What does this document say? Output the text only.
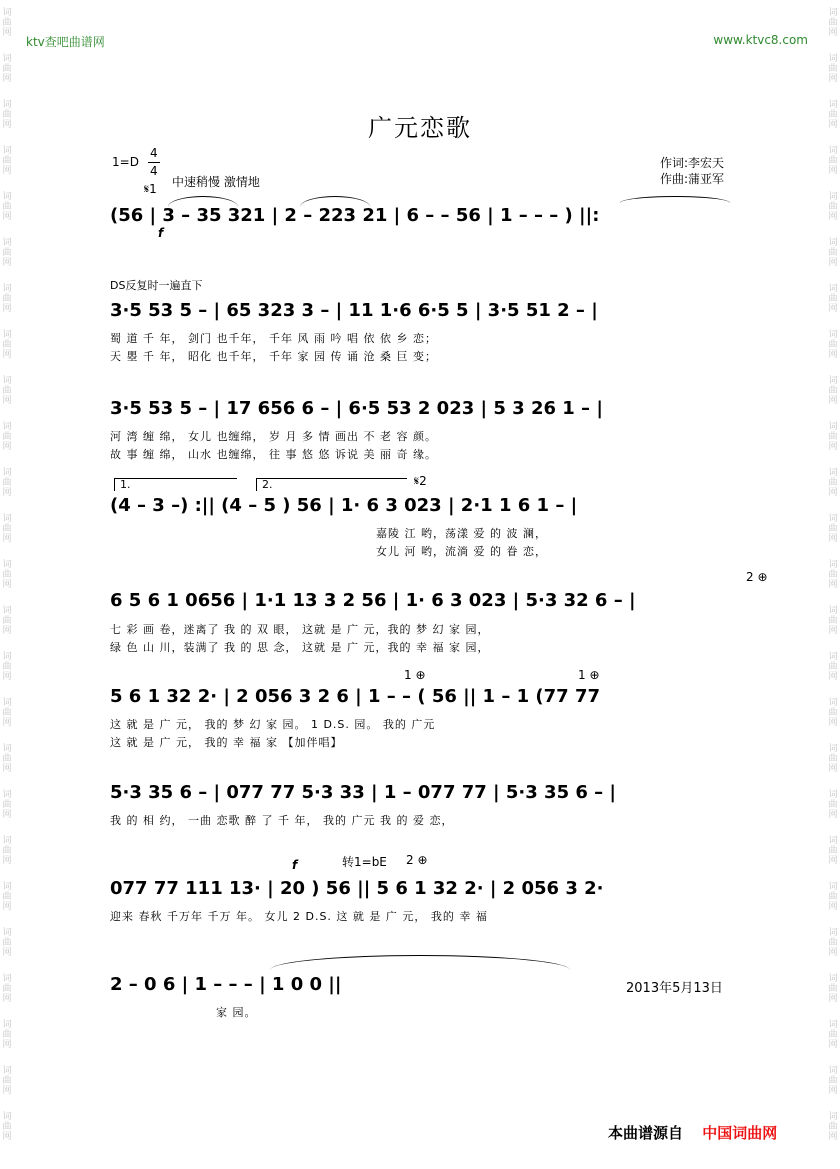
词
曲
网
词
曲
网
词
曲
网
词
曲
网
词
曲
网
词
曲
网
词
曲
网
词
曲
网
词
曲
网
词
曲
网
词
曲
网
词
曲
网
词
曲
网
词
曲
网
词
曲
网
词
曲
网
词
曲
网
词
曲
网
词
曲
网
词
曲
网
词
曲
网
词
曲
网
词
曲
网
词
曲
网
词
曲
网
词
曲
网
词
曲
网
词
曲
网
词
曲
网
词
曲
网
词
曲
网
词
曲
网
词
曲
网
词
曲
网
词
曲
网
词
曲
网
词
曲
网
词
曲
网
词
曲
网
词
曲
网
词
曲
网
词
曲
网
词
曲
网
词
曲
网
词
曲
网
词
曲
网
词
曲
网
词
曲
网
词
曲
网
词
曲
网
ktv查吧曲谱网	www.ktvc8.com
广元恋歌
1=D
4
4
中速稍慢 激情地
作词:李宏天
作曲:蒲亚军
𝄋1
f
(56 | 3 – 35 321 | 2 – 223 21 | 6 – – 56 | 1 – – – ) ||:
DS反复时一遍直下
3·5 53 5 – | 65 323 3 – | 11 1·6 6·5 5 | 3·5 51 2 – |
蜀 道 千 年， 剑门 也千年， 千年 风 雨 吟 唱 依 依 乡 恋；
天 瞾 千 年， 昭化 也千年， 千年 家 园 传 诵 沧 桑 巨 变；
3·5 53 5 – | 17 656 6 – | 6·5 53 2 023 | 5 3 26 1 – |
河 湾 缠 绵， 女儿 也缠绵， 岁 月 多 情 画出 不 老 容 颜。
故 事 缠 绵， 山水 也缠绵， 往 事 悠 悠 诉说 美 丽 奇 缘。
1.	2.	𝄋2
(4 – 3 –) :|| (4 – 5 ) 56 | 1· 6 3 023 | 2·1 1 6 1 – |
嘉陵 江 哟，荡漾 爱 的 波 澜，
女儿 河 哟，流淌 爱 的 眷 恋，
2 ⊕
6 5 6 1 0656 | 1·1 13 3 2 56 | 1· 6 3 023 | 5·3 32 6 – |
七 彩 画 卷，迷离了 我 的 双 眼， 这就 是 广 元，我的 梦 幻 家 园，
绿 色 山 川，装满了 我 的 思 念， 这就 是 广 元，我的 幸 福 家 园，
1 ⊕	1 ⊕
5 6 1 32 2· | 2 056 3 2 6 | 1 – – ( 56 || 1 – 1 (77 77
这 就 是 广 元， 我的 梦 幻 家 园。 1 D.S. 园。 我的 广元
这 就 是 广 元， 我的 幸 福 家 【加伴唱】
5·3 35 6 – | 077 77 5·3 33 | 1 – 077 77 | 5·3 35 6 – |
我 的 相 约， 一曲 恋歌 醉 了 千 年， 我的 广元 我 的 爱 恋，
f	转1=bE 2 ⊕
077 77 111 13· | 20 ) 56 || 5 6 1 32 2· | 2 056 3 2·
迎来 春秋 千万年 千万 年。 女儿 2 D.S. 这 就 是 广 元， 我的 幸 福
2 – 0 6 | 1 – – – | 1 0 0 ||
家 园。
2013年5月13日
本曲谱源自 中国词曲网
